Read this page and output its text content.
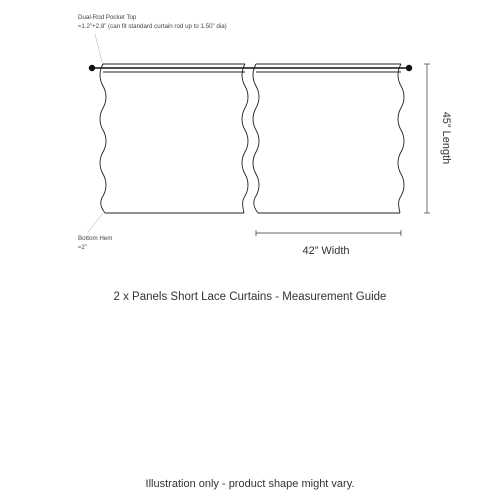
Dual-Rod Pocket Top
≈1.2”+2.8” (can fit standard curtain rod up to 1.50” dia)
Bottom Hem
≈2”
45” Length
42” Width
2 x Panels Short Lace Curtains - Measurement Guide
Illustration only - product shape might vary.
